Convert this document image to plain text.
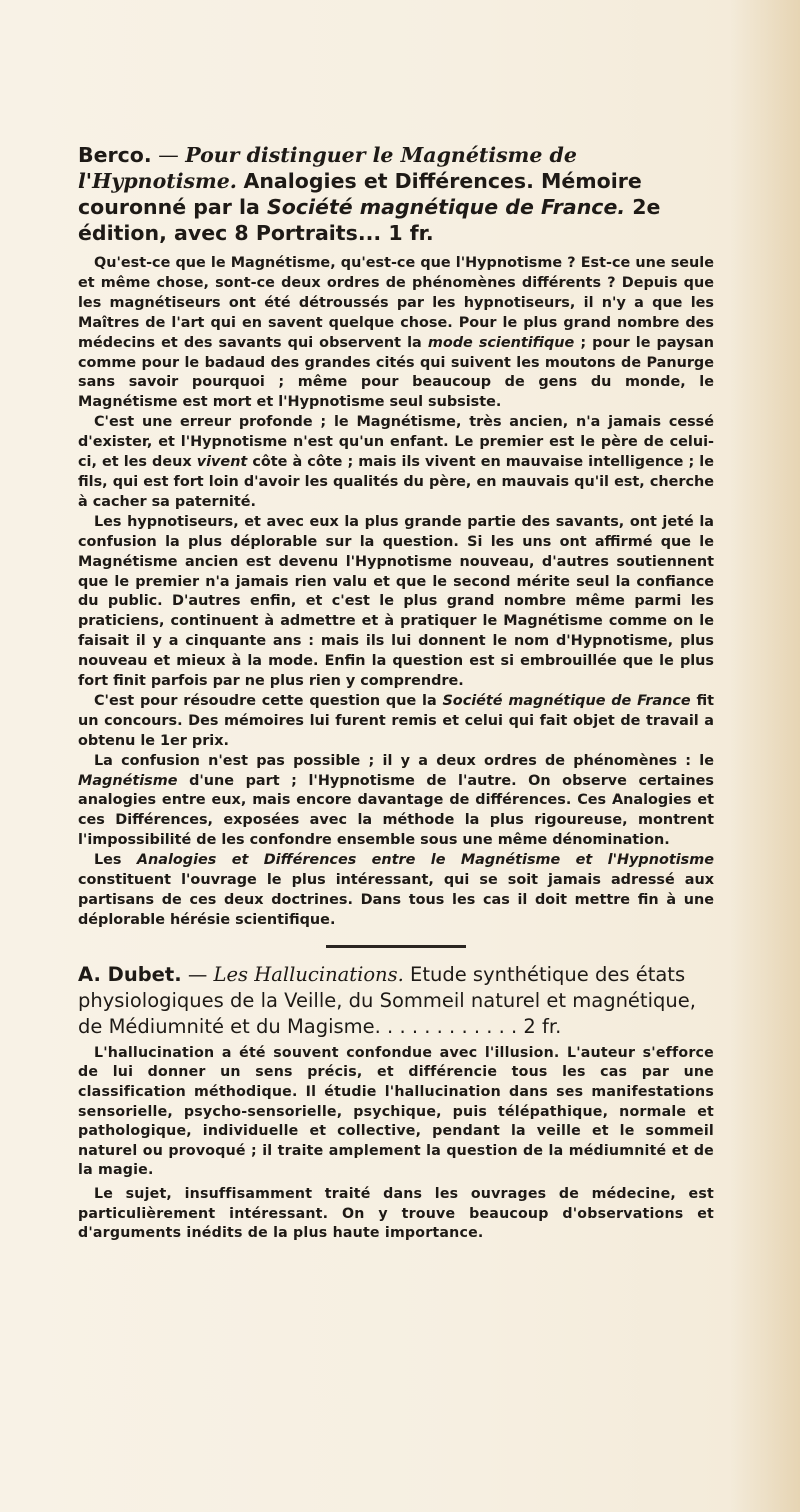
Berco. — Pour distinguer le Magnétisme de l'Hypnotisme. Analogies et Différences. Mémoire couronné par la Société magnétique de France. 2e édition, avec 8 Portraits... 1 fr.

Qu'est-ce que le Magnétisme, qu'est-ce que l'Hypnotisme ? Est-ce une seule et même chose, sont-ce deux ordres de phénomènes différents ? Depuis que les magnétiseurs ont été détroussés par les hypnotiseurs, il n'y a que les Maîtres de l'art qui en savent quelque chose. Pour le plus grand nombre des médecins et des savants qui observent la mode scientifique ; pour le paysan comme pour le badaud des grandes cités qui suivent les moutons de Panurge sans savoir pourquoi ; même pour beaucoup de gens du monde, le Magnétisme est mort et l'Hypnotisme seul subsiste.

C'est une erreur profonde ; le Magnétisme, très ancien, n'a jamais cessé d'exister, et l'Hypnotisme n'est qu'un enfant. Le premier est le père de celui-ci, et les deux vivent côte à côte ; mais ils vivent en mauvaise intelligence ; le fils, qui est fort loin d'avoir les qualités du père, en mauvais qu'il est, cherche à cacher sa paternité.

Les hypnotiseurs, et avec eux la plus grande partie des savants, ont jeté la confusion la plus déplorable sur la question. Si les uns ont affirmé que le Magnétisme ancien est devenu l'Hypnotisme nouveau, d'autres soutiennent que le premier n'a jamais rien valu et que le second mérite seul la confiance du public. D'autres enfin, et c'est le plus grand nombre même parmi les praticiens, continuent à admettre et à pratiquer le Magnétisme comme on le faisait il y a cinquante ans : mais ils lui donnent le nom d'Hypnotisme, plus nouveau et mieux à la mode. Enfin la question est si embrouillée que le plus fort finit parfois par ne plus rien y comprendre.

C'est pour résoudre cette question que la Société magnétique de France fit un concours. Des mémoires lui furent remis et celui qui fait objet de travail a obtenu le 1er prix.

La confusion n'est pas possible ; il y a deux ordres de phénomènes : le Magnétisme d'une part ; l'Hypnotisme de l'autre. On observe certaines analogies entre eux, mais encore davantage de différences. Ces Analogies et ces Différences, exposées avec la méthode la plus rigoureuse, montrent l'impossibilité de les confondre ensemble sous une même dénomination.

Les Analogies et Différences entre le Magnétisme et l'Hypnotisme constituent l'ouvrage le plus intéressant, qui se soit jamais adressé aux partisans de ces deux doctrines. Dans tous les cas il doit mettre fin à une déplorable hérésie scientifique.

A. Dubet. — Les Hallucinations. Etude synthétique des états physiologiques de la Veille, du Sommeil naturel et magnétique, de Médiumnité et du Magisme. . . . . . . . . . . . 2 fr.

L'hallucination a été souvent confondue avec l'illusion. L'auteur s'efforce de lui donner un sens précis, et différencie tous les cas par une classification méthodique. Il étudie l'hallucination dans ses manifestations sensorielle, psycho-sensorielle, psychique, puis télépathique, normale et pathologique, individuelle et collective, pendant la veille et le sommeil naturel ou provoqué ; il traite amplement la question de la médiumnité et de la magie.

Le sujet, insuffisamment traité dans les ouvrages de médecine, est particulièrement intéressant. On y trouve beaucoup d'observations et d'arguments inédits de la plus haute importance.
